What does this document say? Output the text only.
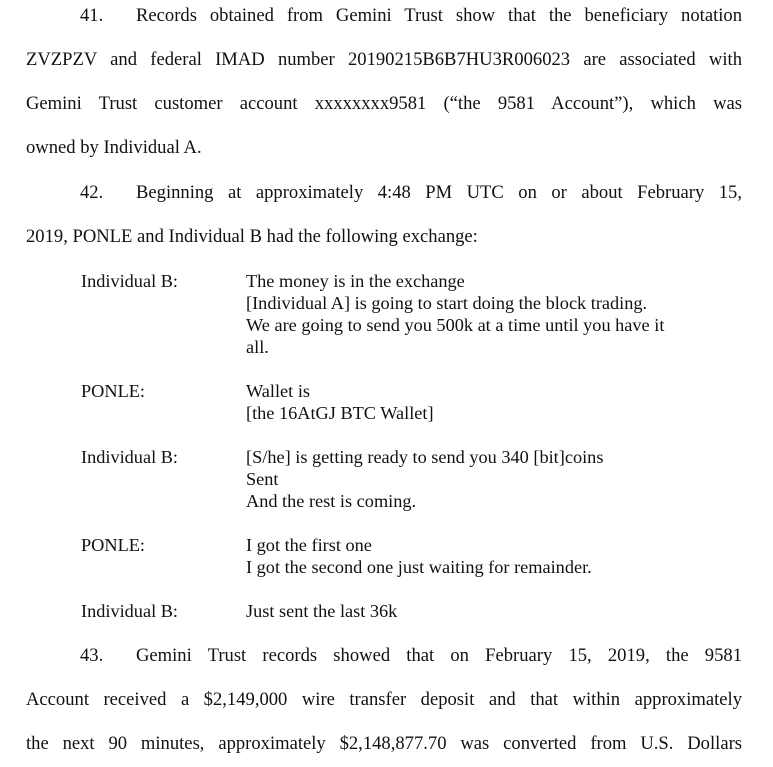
41. Records obtained from Gemini Trust show that the beneficiary notation
ZVZPZV and federal IMAD number 20190215B6B7HU3R006023 are associated with
Gemini Trust customer account xxxxxxxx9581 (“the 9581 Account”), which was
owned by Individual A.
42. Beginning at approximately 4:48 PM UTC on or about February 15,
2019, PONLE and Individual B had the following exchange:
Individual B:	The money is in the exchange
[Individual A] is going to start doing the block trading.
We are going to send you 500k at a time until you have it
all.
PONLE:	Wallet is
[the 16AtGJ BTC Wallet]
Individual B:	[S/he] is getting ready to send you 340 [bit]coins
Sent
And the rest is coming.
PONLE:	I got the first one
I got the second one just waiting for remainder.
Individual B:	Just sent the last 36k
43. Gemini Trust records showed that on February 15, 2019, the 9581
Account received a $2,149,000 wire transfer deposit and that within approximately
the next 90 minutes, approximately $2,148,877.70 was converted from U.S. Dollars
